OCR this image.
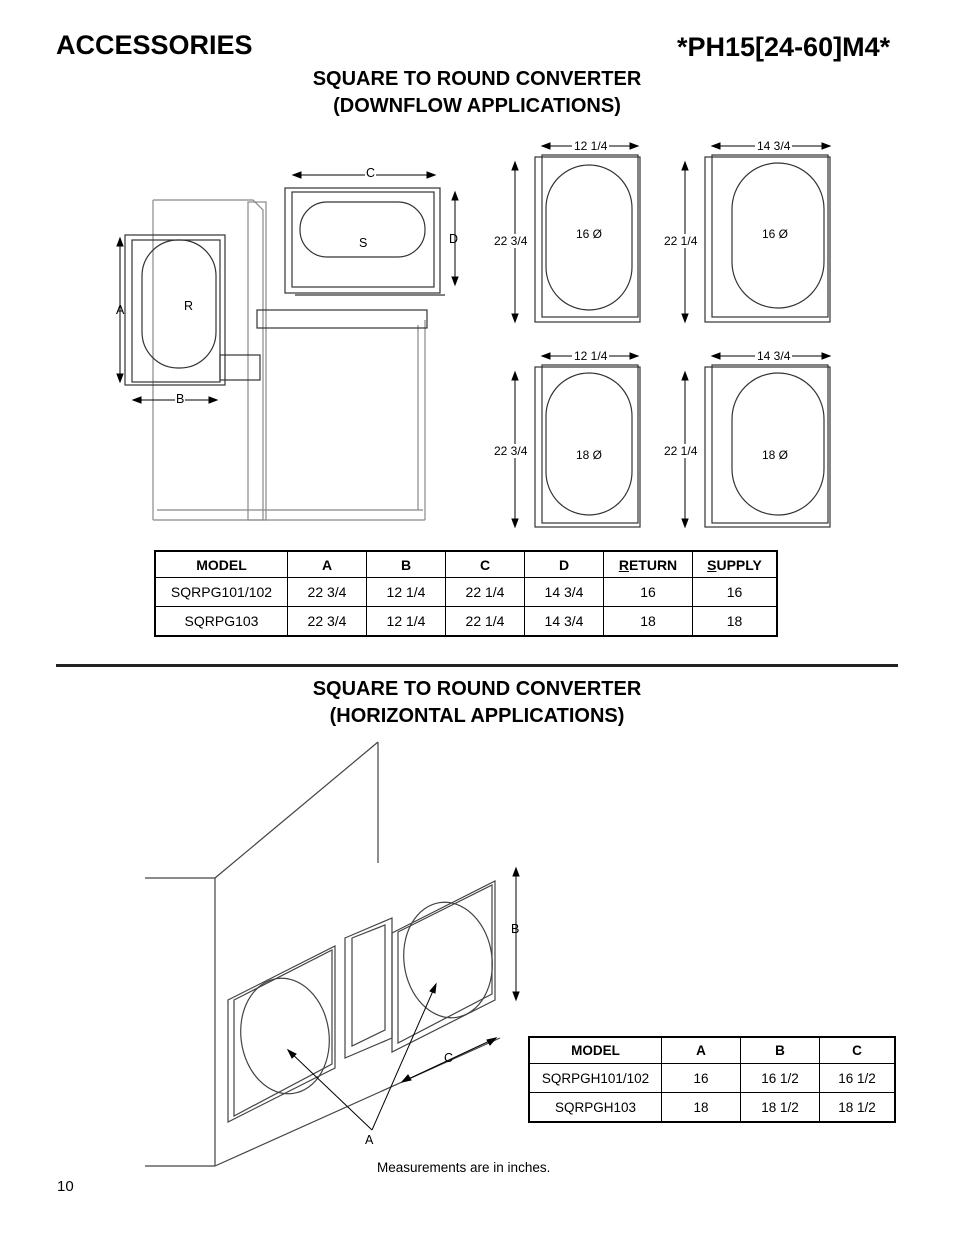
ACCESSORIES	*PH15[24-60]M4*
SQUARE TO ROUND CONVERTER
(DOWNFLOW APPLICATIONS)
A
B
C
D
R
S
12 1/4
22 3/4	16 Ø
14 3/4
22 1/4	16 Ø
12 1/4
22 3/4	18 Ø
14 3/4
22 1/4	18 Ø
MODEL	A	B	C	D	RETURN	SUPPLY
SQRPG101/102	22 3/4	12 1/4	22 1/4	14 3/4	16	16
SQRPG103	22 3/4	12 1/4	22 1/4	14 3/4	18	18
SQUARE TO ROUND CONVERTER
(HORIZONTAL APPLICATIONS)
B
C
A
MODEL	A	B	C
SQRPGH101/102	16	16 1/2	16 1/2
SQRPGH103	18	18 1/2	18 1/2
Measurements are in inches.
10
